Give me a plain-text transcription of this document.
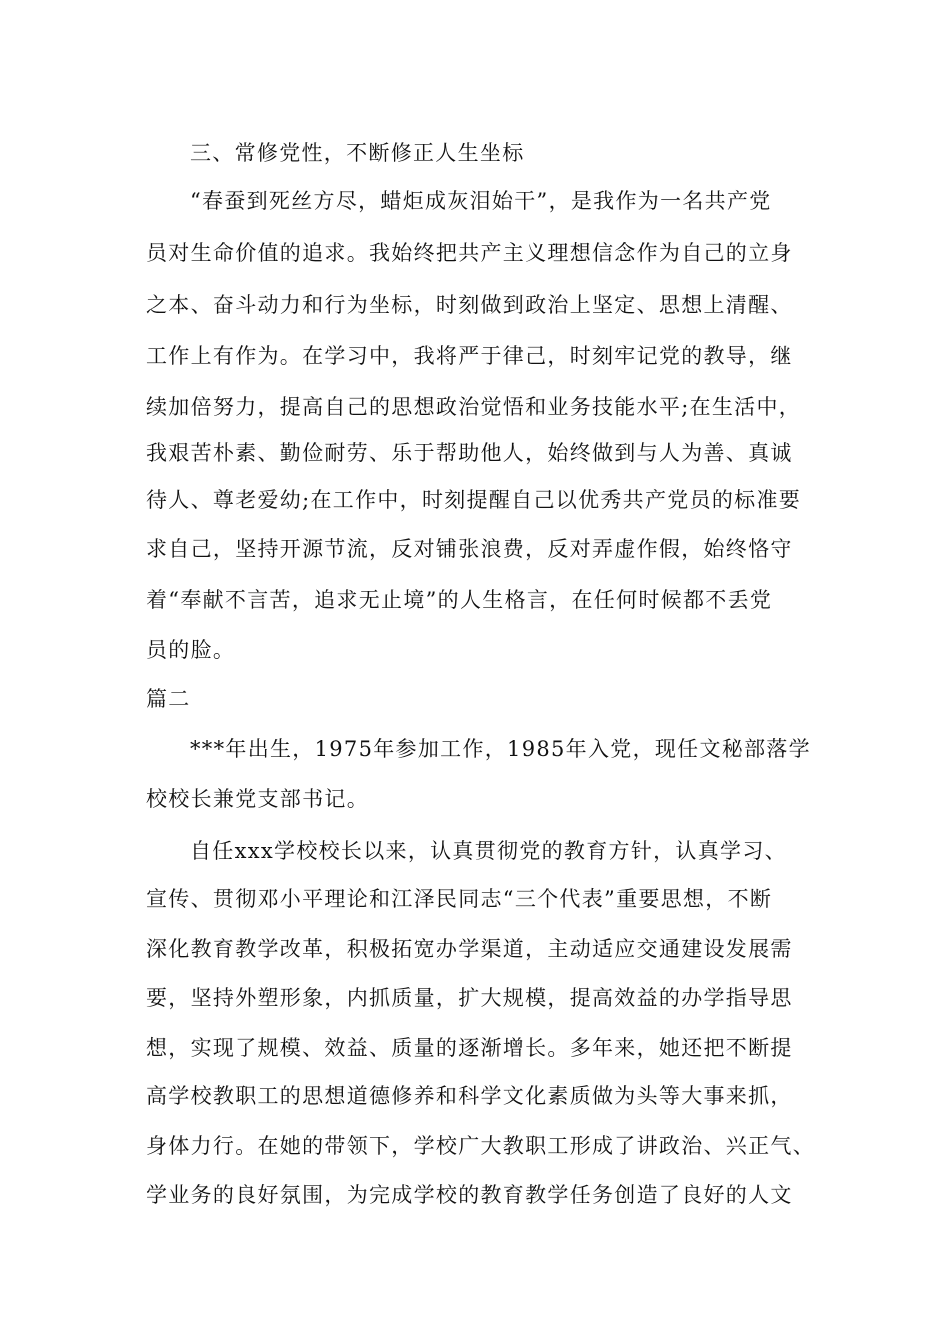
三、常修党性，不断修正人生坐标
“春蚕到死丝方尽，蜡炬成灰泪始干”，是我作为一名共产党
员对生命价值的追求。我始终把共产主义理想信念作为自己的立身
之本、奋斗动力和行为坐标，时刻做到政治上坚定、思想上清醒、
工作上有作为。在学习中，我将严于律己，时刻牢记党的教导，继
续加倍努力，提高自己的思想政治觉悟和业务技能水平;在生活中，
我艰苦朴素、勤俭耐劳、乐于帮助他人，始终做到与人为善、真诚
待人、尊老爱幼;在工作中，时刻提醒自己以优秀共产党员的标准要
求自己，坚持开源节流，反对铺张浪费，反对弄虚作假，始终恪守
着“奉献不言苦，追求无止境”的人生格言，在任何时候都不丢党
员的脸。
篇二
***年出生，1975年参加工作，1985年入党，现任文秘部落学
校校长兼党支部书记。
自任xxx学校校长以来，认真贯彻党的教育方针，认真学习、
宣传、贯彻邓小平理论和江泽民同志“三个代表”重要思想，不断
深化教育教学改革，积极拓宽办学渠道，主动适应交通建设发展需
要，坚持外塑形象，内抓质量，扩大规模，提高效益的办学指导思
想，实现了规模、效益、质量的逐渐增长。多年来，她还把不断提
高学校教职工的思想道德修养和科学文化素质做为头等大事来抓，
身体力行。在她的带领下，学校广大教职工形成了讲政治、兴正气、
学业务的良好氛围，为完成学校的教育教学任务创造了良好的人文
